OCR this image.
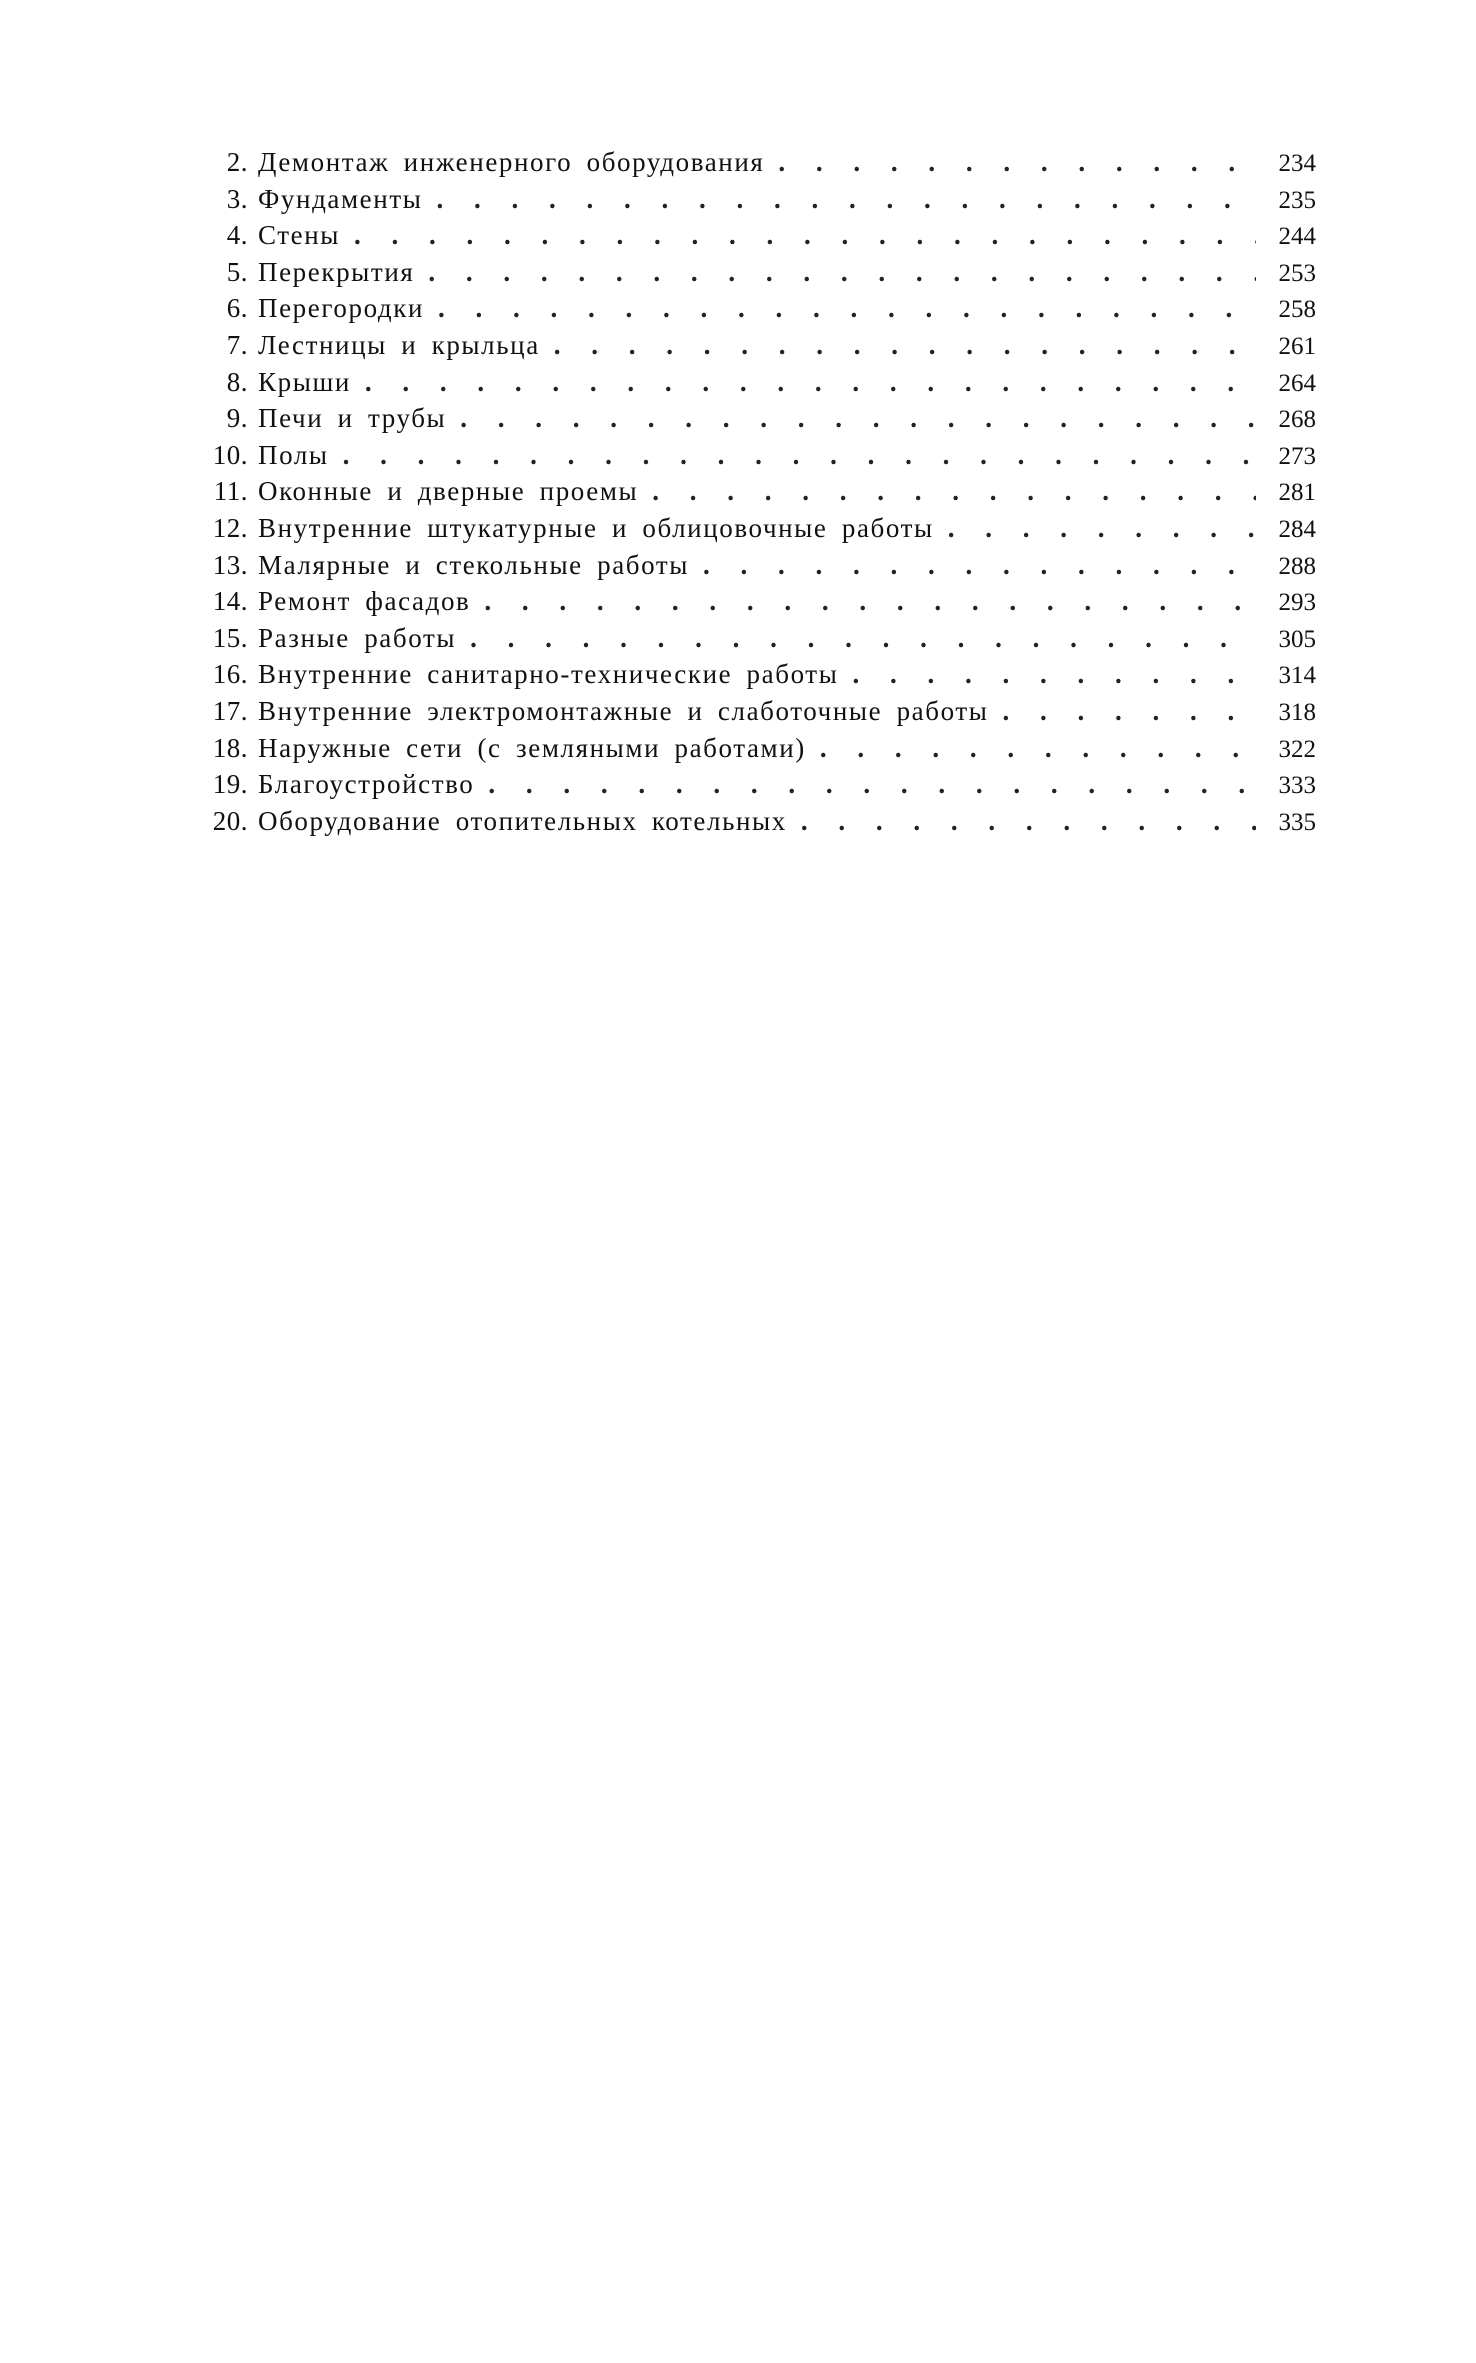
2. Демонтаж инженерного оборудования . . .	234
3. Фундаменты . . .	235
4. Стены . . .	244
5. Перекрытия . . .	253
6. Перегородки . . .	258
7. Лестницы и крыльца . . .	261
8. Крыши . . .	264
9. Печи и трубы . . .	268
10. Полы . . .	273
11. Оконные и дверные проемы . . .	281
12. Внутренние штукатурные и облицовочные работы . . .	284
13. Малярные и стекольные работы . . .	288
14. Ремонт фасадов . . .	293
15. Разные работы . . .	305
16. Внутренние санитарно-технические работы . . .	314
17. Внутренние электромонтажные и слаботочные работы . . .	318
18. Наружные сети (с земляными работами) . . .	322
19. Благоустройство . . .	333
20. Оборудование отопительных котельных . . .	335
